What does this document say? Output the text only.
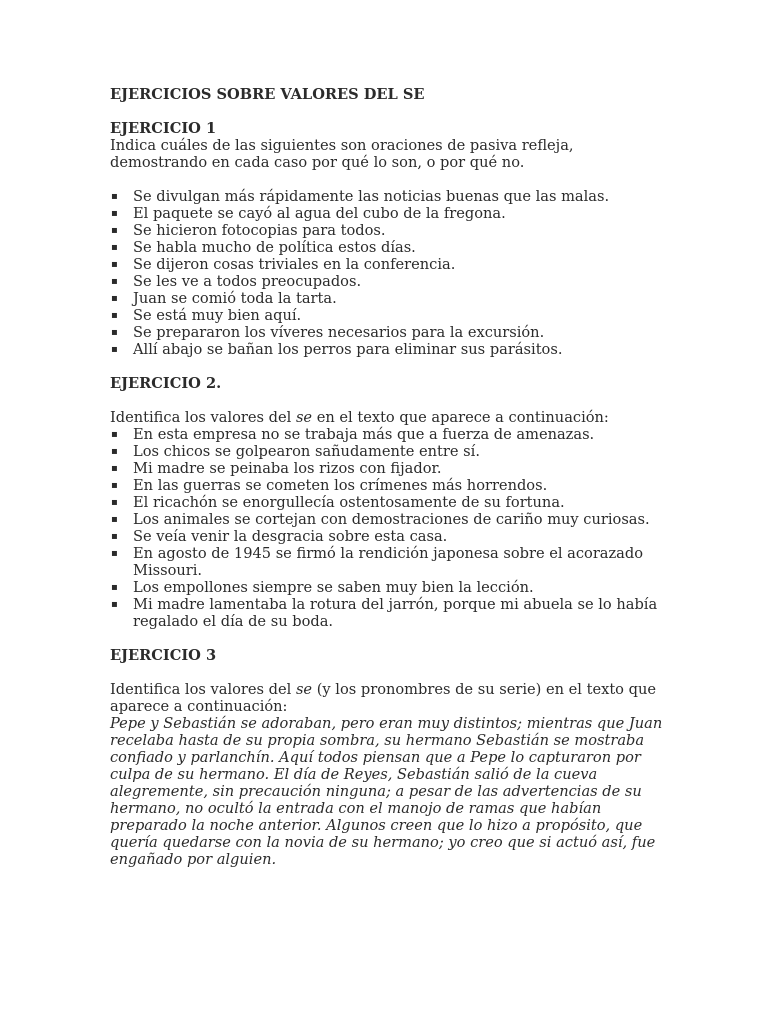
EJERCICIOS SOBRE VALORES DEL SE

EJERCICIO 1

Indica cuáles de las siguientes son oraciones de pasiva refleja, demostrando en cada caso por qué lo son, o por qué no.

▪ Se divulgan más rápidamente las noticias buenas que las malas.
▪ El paquete se cayó al agua del cubo de la fregona.
▪ Se hicieron fotocopias para todos.
▪ Se habla mucho de política estos días.
▪ Se dijeron cosas triviales en la conferencia.
▪ Se les ve a todos preocupados.
▪ Juan se comió toda la tarta.
▪ Se está muy bien aquí.
▪ Se prepararon los víveres necesarios para la excursión.
▪ Allí abajo se bañan los perros para eliminar sus parásitos.

EJERCICIO 2.

Identifica los valores del se en el texto que aparece a continuación:

▪ En esta empresa no se trabaja más que a fuerza de amenazas.
▪ Los chicos se golpearon sañudamente entre sí.
▪ Mi madre se peinaba los rizos con fijador.
▪ En las guerras se cometen los crímenes más horrendos.
▪ El ricachón se enorgullecía ostentosamente de su fortuna.
▪ Los animales se cortejan con demostraciones de cariño muy curiosas.
▪ Se veía venir la desgracia sobre esta casa.
▪ En agosto de 1945 se firmó la rendición japonesa sobre el acorazado Missouri.
▪ Los empollones siempre se saben muy bien la lección.
▪ Mi madre lamentaba la rotura del jarrón, porque mi abuela se lo había regalado el día de su boda.

EJERCICIO 3

Identifica los valores del se (y los pronombres de su serie) en el texto que aparece a continuación:

Pepe y Sebastián se adoraban, pero eran muy distintos; mientras que Juan recelaba hasta de su propia sombra, su hermano Sebastián se mostraba confiado y parlanchín. Aquí todos piensan que a Pepe lo capturaron por culpa de su hermano. El día de Reyes, Sebastián salió de la cueva alegremente, sin precaución ninguna; a pesar de las advertencias de su hermano, no ocultó la entrada con el manojo de ramas que habían preparado la noche anterior. Algunos creen que lo hizo a propósito, que quería quedarse con la novia de su hermano; yo creo que si actuó así, fue engañado por alguien.
